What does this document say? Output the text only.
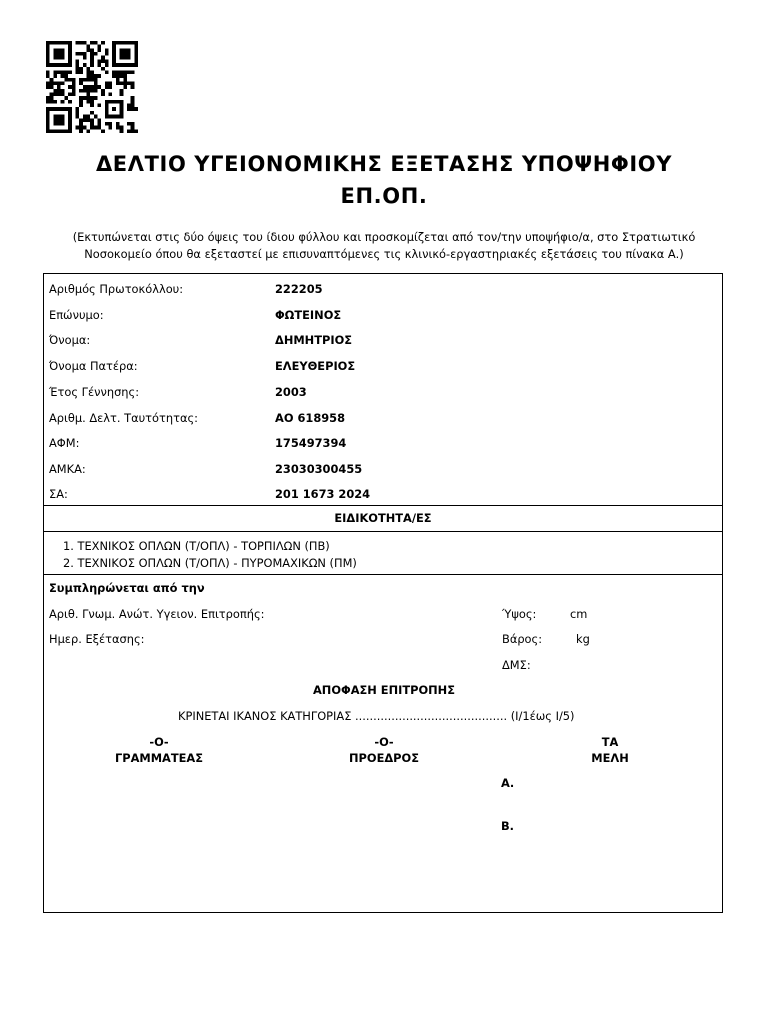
ΔΕΛΤΙΟ ΥΓΕΙΟΝΟΜΙΚΗΣ ΕΞΕΤΑΣΗΣ ΥΠΟΨΗΦΙΟΥ
ΕΠ.ΟΠ.
(Εκτυπώνεται στις δύο όψεις του ίδιου φύλλου και προσκομίζεται από τον/την υποψήφιο/α, στο Στρατιωτικό
Νοσοκομείο όπου θα εξεταστεί με επισυναπτόμενες τις κλινικό-εργαστηριακές εξετάσεις του πίνακα Α.)
Αριθμός Πρωτοκόλλου:	222205
Επώνυμο:	ΦΩΤΕΙΝΟΣ
Όνομα:	ΔΗΜΗΤΡΙΟΣ
Όνομα Πατέρα:	ΕΛΕΥΘΕΡΙΟΣ
Έτος Γέννησης:	2003
Αριθμ. Δελτ. Ταυτότητας:	ΑΟ 618958
ΑΦΜ:	175497394
ΑΜΚΑ:	23030300455
ΣΑ:	201 1673 2024
ΕΙΔΙΚΟΤΗΤΑ/ΕΣ
1. ΤΕΧΝΙΚΟΣ ΟΠΛΩΝ (Τ/ΟΠΛ) - ΤΟΡΠΙΛΩΝ (ΠΒ)
2. ΤΕΧΝΙΚΟΣ ΟΠΛΩΝ (Τ/ΟΠΛ) - ΠΥΡΟΜΑΧΙΚΩΝ (ΠΜ)
Συμπληρώνεται από την
Αριθ. Γνωμ. Ανώτ. Υγειον. Επιτροπής:	Ύψος:	cm
Ημερ. Εξέτασης:	Βάρος:	kg
ΔΜΣ:
ΑΠΟΦΑΣΗ ΕΠΙΤΡΟΠΗΣ
ΚΡΙΝΕΤΑΙ ΙΚΑΝΟΣ ΚΑΤΗΓΟΡΙΑΣ .......................................... (Ι/1έως Ι/5)
-Ο-
ΓΡΑΜΜΑΤΕΑΣ
-Ο-
ΠΡΟΕΔΡΟΣ
ΤΑ
ΜΕΛΗ
Α.
Β.
